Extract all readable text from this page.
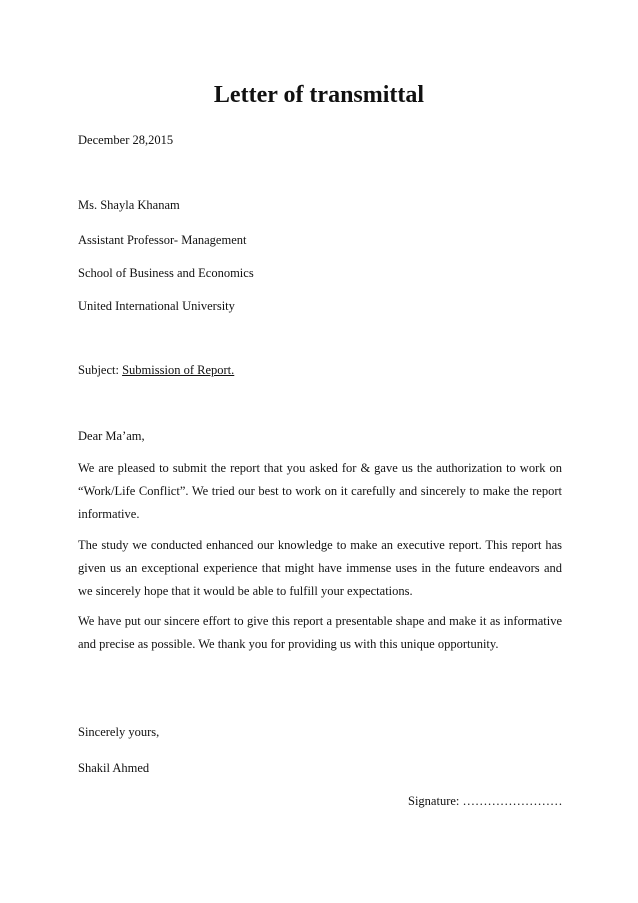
Letter of transmittal
December 28,2015
Ms. Shayla Khanam
Assistant Professor- Management
School of Business and Economics
United International University
Subject: Submission of Report.
Dear Ma’am,
We are pleased to submit the report that you asked for & gave us the authorization to work on “Work/Life Conflict”. We tried our best to work on it carefully and sincerely to make the report informative.
The study we conducted enhanced our knowledge to make an executive report. This report has given us an exceptional experience that might have immense uses in the future endeavors and we sincerely hope that it would be able to fulfill your expectations.
We have put our sincere effort to give this report a presentable shape and make it as informative and precise as possible. We thank you for providing us with this unique opportunity.
Sincerely yours,
Shakil Ahmed
Signature: ……………………
